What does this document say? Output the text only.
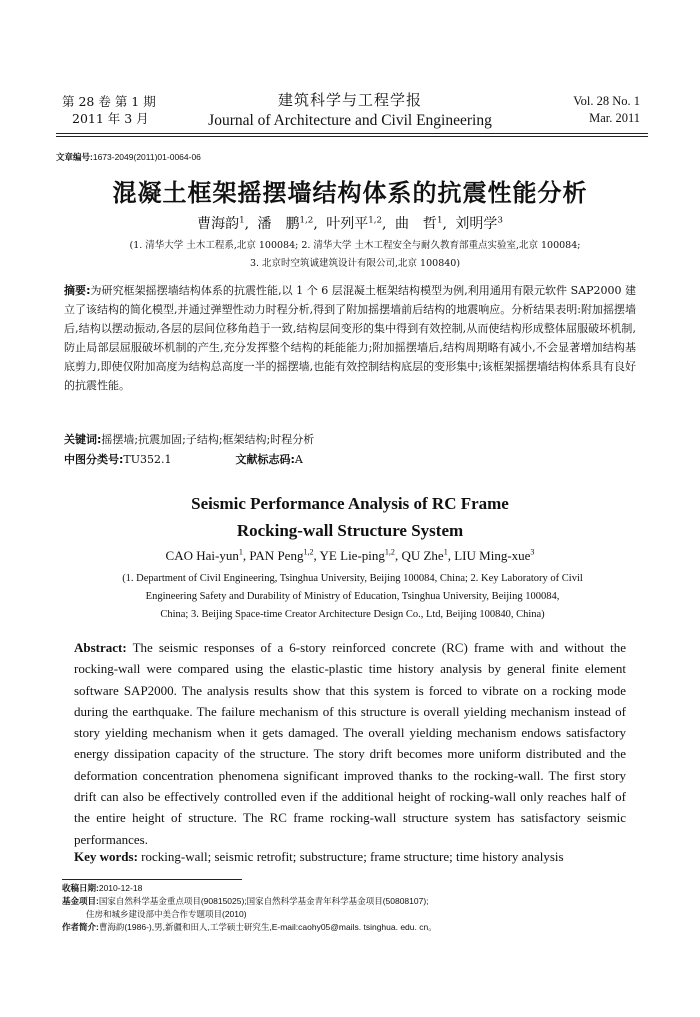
第 28 卷 第 1 期
2011 年 3 月
建筑科学与工程学报
Journal of Architecture and Civil Engineering
Vol. 28 No. 1
Mar. 2011
文章编号:1673-2049(2011)01-0064-06
混凝土框架摇摆墙结构体系的抗震性能分析
曹海韵$^1$, 潘　鹏$^{1,2}$, 叶列平$^{1,2}$, 曲　哲$^1$, 刘明学$^3$
(1. 清华大学 土木工程系,北京 100084; 2. 清华大学 土木工程安全与耐久教育部重点实验室,北京 100084;
3. 北京时空筑诚建筑设计有限公司,北京 100840)
摘要:为研究框架摇摆墙结构体系的抗震性能,以 1 个 6 层混凝土框架结构模型为例,利用通用有限元软件 SAP2000 建立了该结构的简化模型,并通过弹塑性动力时程分析,得到了附加摇摆墙前后结构的地震响应。分析结果表明:附加摇摆墙后,结构以摆动振动,各层的层间位移角趋于一致,结构层间变形的集中得到有效控制,从而使结构形成整体屈服破坏机制,防止局部层屈服破坏机制的产生,充分发挥整个结构的耗能能力;附加摇摆墙后,结构周期略有减小,不会显著增加结构基底剪力,即使仅附加高度为结构总高度一半的摇摆墙,也能有效控制结构底层的变形集中;该框架摇摆墙结构体系具有良好的抗震性能。
关键词:摇摆墙;抗震加固;子结构;框架结构;时程分析
中图分类号:TU352.1	文献标志码:A
Seismic Performance Analysis of RC Frame
Rocking-wall Structure System
CAO Hai-yun$^1$, PAN Peng$^{1,2}$, YE Lie-ping$^{1,2}$, QU Zhe$^1$, LIU Ming-xue$^3$
(1. Department of Civil Engineering, Tsinghua University, Beijing 100084, China; 2. Key Laboratory of Civil
Engineering Safety and Durability of Ministry of Education, Tsinghua University, Beijing 100084,
China; 3. Beijing Space-time Creator Architecture Design Co., Ltd, Beijing 100840, China)
Abstract: The seismic responses of a 6-story reinforced concrete (RC) frame with and without the rocking-wall were compared using the elastic-plastic time history analysis by general finite element software SAP2000. The analysis results show that this system is forced to vibrate on a rocking mode during the earthquake. The failure mechanism of this structure is overall yielding mechanism instead of story yielding mechanism when it gets damaged. The overall yielding mechanism endows satisfactory energy dissipation capacity of the structure. The story drift becomes more uniform distributed and the deformation concentration phenomena significant improved thanks to the rocking-wall. The first story drift can also be effectively controlled even if the additional height of rocking-wall only reaches half of the entire height of structure. The RC frame rocking-wall structure system has satisfactory seismic performances.
Key words: rocking-wall; seismic retrofit; substructure; frame structure; time history analysis
收稿日期:2010-12-18
基金项目:国家自然科学基金重点项目(90815025);国家自然科学基金青年科学基金项目(50808107);
住房和城乡建设部中美合作专题项目(2010)
作者简介:曹海韵(1986-),男,新疆和田人,工学硕士研究生,E-mail:caohy05@mails. tsinghua. edu. cn。
